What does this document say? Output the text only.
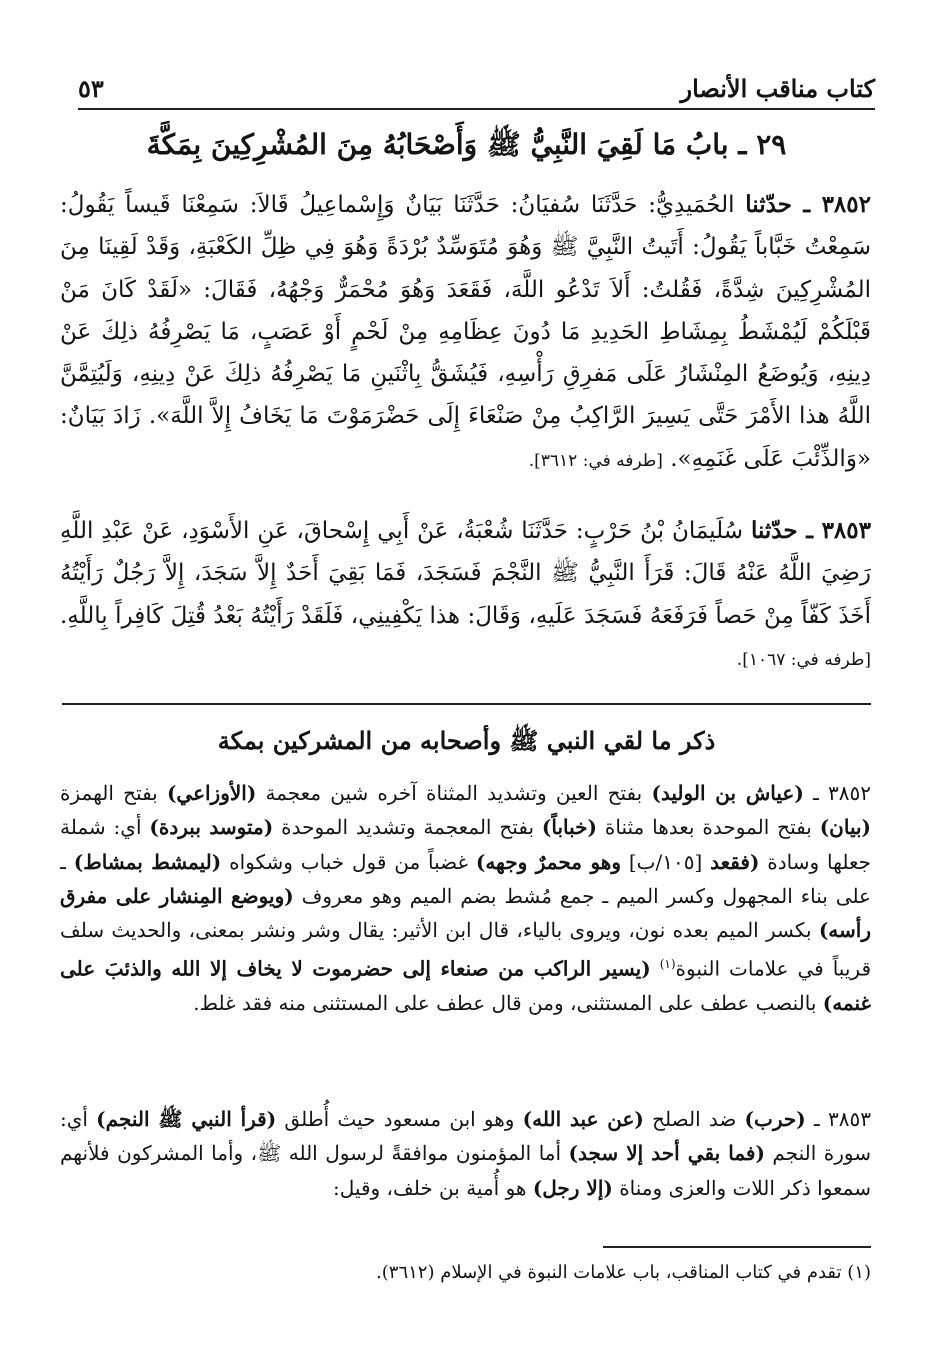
كتاب مناقب الأنصار
٥٣
٢٩ ـ بابُ مَا لَقِيَ النَّبِيُّ ﷺ وَأَصْحَابُهُ مِنَ المُشْرِكِينَ بِمَكَّةَ
٣٨٥٢ ـ حدّثنا الحُمَيدِيُّ: حَدَّثَنَا سُفيَانُ: حَدَّثَنَا بَيَانٌ وَإِسْماعِيلُ قَالاَ: سَمِعْنَا قَيساً يَقُولُ: سَمِعْتُ خَبَّاباً يَقُولُ: أَتَيتُ النَّبِيَّ ﷺ وَهُوَ مُتَوَسِّدٌ بُرْدَةً وَهُوَ فِي ظِلِّ الكَعْبَةِ، وَقَدْ لَقِينَا مِنَ المُشْرِكِينَ شِدَّةً، فَقُلتُ: أَلاَ تَدْعُو اللَّهَ، فَقَعَدَ وَهُوَ مُحْمَرٌّ وَجْهُهُ، فَقَالَ: «لَقَدْ كَانَ مَنْ قَبْلَكُمْ لَيُمْشَطُ بِمِشَاطِ الحَدِيدِ مَا دُونَ عِظَامِهِ مِنْ لَحْمٍ أَوْ عَصَبٍ، مَا يَصْرِفُهُ ذلِكَ عَنْ دِينِهِ، وَيُوضَعُ المِنْشَارُ عَلَى مَفرِقِ رَأْسِهِ، فَيُشَقُّ بِاثْنَينِ مَا يَصْرِفُهُ ذلِكَ عَنْ دِينِهِ، وَلَيُتِمَّنَّ اللَّهُ هذا الأَمْرَ حَتَّى يَسِيرَ الرَّاكِبُ مِنْ صَنْعَاءَ إِلَى حَضْرَمَوْتَ مَا يَخَافُ إِلاَّ اللَّهَ». زَادَ بَيَانٌ: «وَالذِّئْبَ عَلَى غَنَمِهِ». [طرفه في: ٣٦١٢].
٣٨٥٣ ـ حدّثنا سُلَيمَانُ بْنُ حَرْبٍ: حَدَّثَنَا شُعْبَةُ، عَنْ أَبِي إِسْحاقَ، عَنِ الأَسْوَدِ، عَنْ عَبْدِ اللَّهِ رَضِيَ اللَّهُ عَنْهُ قَالَ: قَرَأَ النَّبِيُّ ﷺ النَّجْمَ فَسَجَدَ، فَمَا بَقِيَ أَحَدٌ إِلاَّ سَجَدَ، إِلاَّ رَجُلٌ رَأَيْتُهُ أَخَذَ كَفّاً مِنْ حَصاً فَرَفَعَهُ فَسَجَدَ عَلَيهِ، وَقَالَ: هذا يَكْفِينِي، فَلَقَدْ رَأَيْتُهُ بَعْدُ قُتِلَ كَافِراً بِاللَّهِ. [طرفه في: ١٠٦٧].
ذكر ما لقي النبي ﷺ وأصحابه من المشركين بمكة
٣٨٥٢ ـ (عياش بن الوليد) بفتح العين وتشديد المثناة آخره شين معجمة (الأوزاعي) بفتح الهمزة (بيان) بفتح الموحدة بعدها مثناة (خباباً) بفتح المعجمة وتشديد الموحدة (متوسد ببردة) أي: شملة جعلها وسادة (فقعد [١٠٥/ب] وهو محمرٌ وجهه) غضباً من قول خباب وشكواه (ليمشط بمشاط) ـ على بناء المجهول وكسر الميم ـ جمع مُشط بضم الميم وهو معروف (ويوضع المِنشار على مفرق رأسه) بكسر الميم بعده نون، ويروى بالياء، قال ابن الأثير: يقال وشر ونشر بمعنى، والحديث سلف قريباً في علامات النبوة$^{(١)}$ (يسير الراكب من صنعاء إلى حضرموت لا يخاف إلا الله والذئبَ على غنمه) بالنصب عطف على المستثنى، ومن قال عطف على المستثنى منه فقد غلط.
٣٨٥٣ ـ (حرب) ضد الصلح (عن عبد الله) وهو ابن مسعود حيث أُطلق (قرأ النبي ﷺ النجم) أي: سورة النجم (فما بقي أحد إلا سجد) أما المؤمنون موافقةً لرسول الله ﷺ، وأما المشركون فلأنهم سمعوا ذكر اللات والعزى ومناة (إلا رجل) هو أُمية بن خلف، وقيل:
(١) تقدم في كتاب المناقب، باب علامات النبوة في الإسلام (٣٦١٢).
